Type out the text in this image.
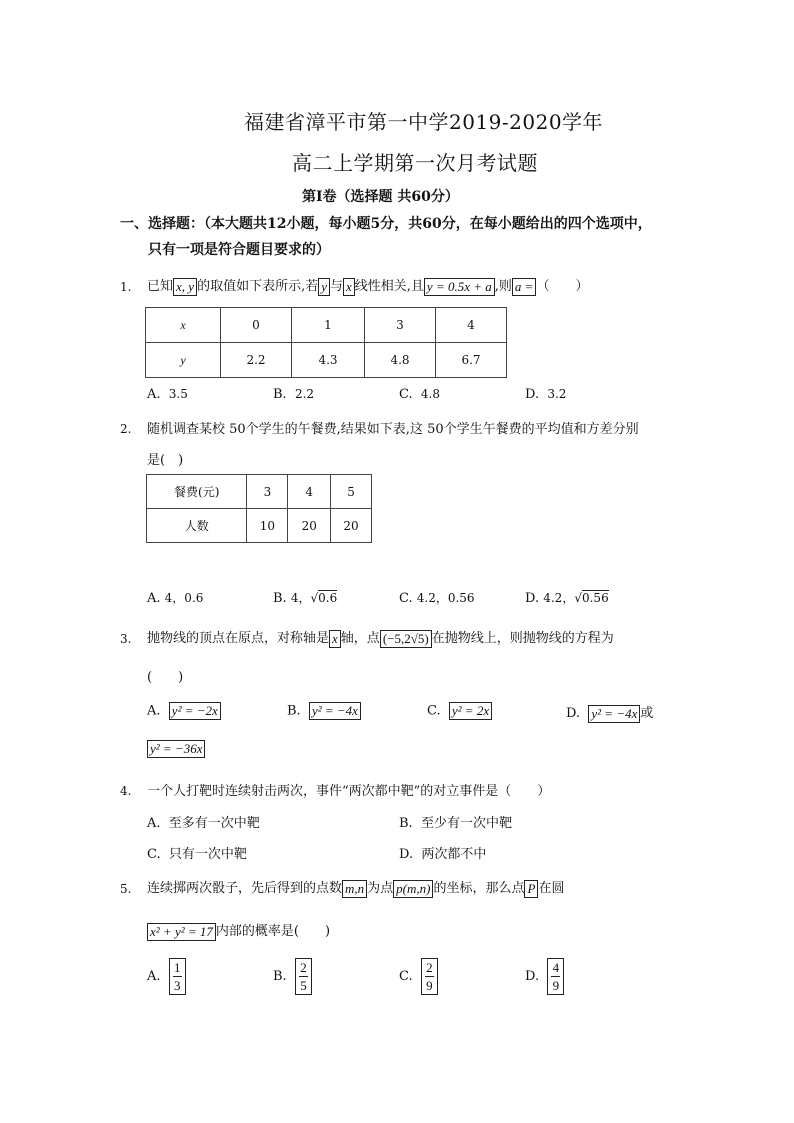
福建省漳平市第一中学2019-2020学年
高二上学期第一次月考试题
第I卷（选择题 共60分）
一、选择题：（本大题共12小题，每小题5分，共60分，在每小题给出的四个选项中，
只有一项是符合题目要求的）
1. 已知 x, y 的取值如下表所示,若 y 与 x 线性相关,且 y = 0.5x + a ,则 a = （　　）
x	0	1	3	4
y	2.2	4.3	4.8	6.7
A. 3.5	B. 2.2	C. 4.8	D. 3.2
2. 随机调查某校 50个学生的午餐费,结果如下表,这 50个学生午餐费的平均值和方差分别
是(　)
餐费(元)	3	4	5
人数	10	20	20
A. 4，0.6	B. 4，√0.6	C. 4.2，0.56	D. 4.2，√0.56
3. 抛物线的顶点在原点，对称轴是 x 轴，点 (−5,2√5) 在抛物线上，则抛物线的方程为
(　　)
A. y² = −2x	B. y² = −4x	C. y² = 2x	D. y² = −4x 或
y² = −36x
4. 一个人打靶时连续射击两次，事件“两次都中靶”的对立事件是（　　）
A. 至多有一次中靶	B. 至少有一次中靶
C. 只有一次中靶	D. 两次都不中
5. 连续掷两次骰子，先后得到的点数 m,n 为点 p(m,n) 的坐标，那么点 P 在圆
x² + y² = 17 内部的概率是(　　)
A. $\frac{1}{3}$	B. $\frac{2}{5}$	C. $\frac{2}{9}$	D. $\frac{4}{9}$
